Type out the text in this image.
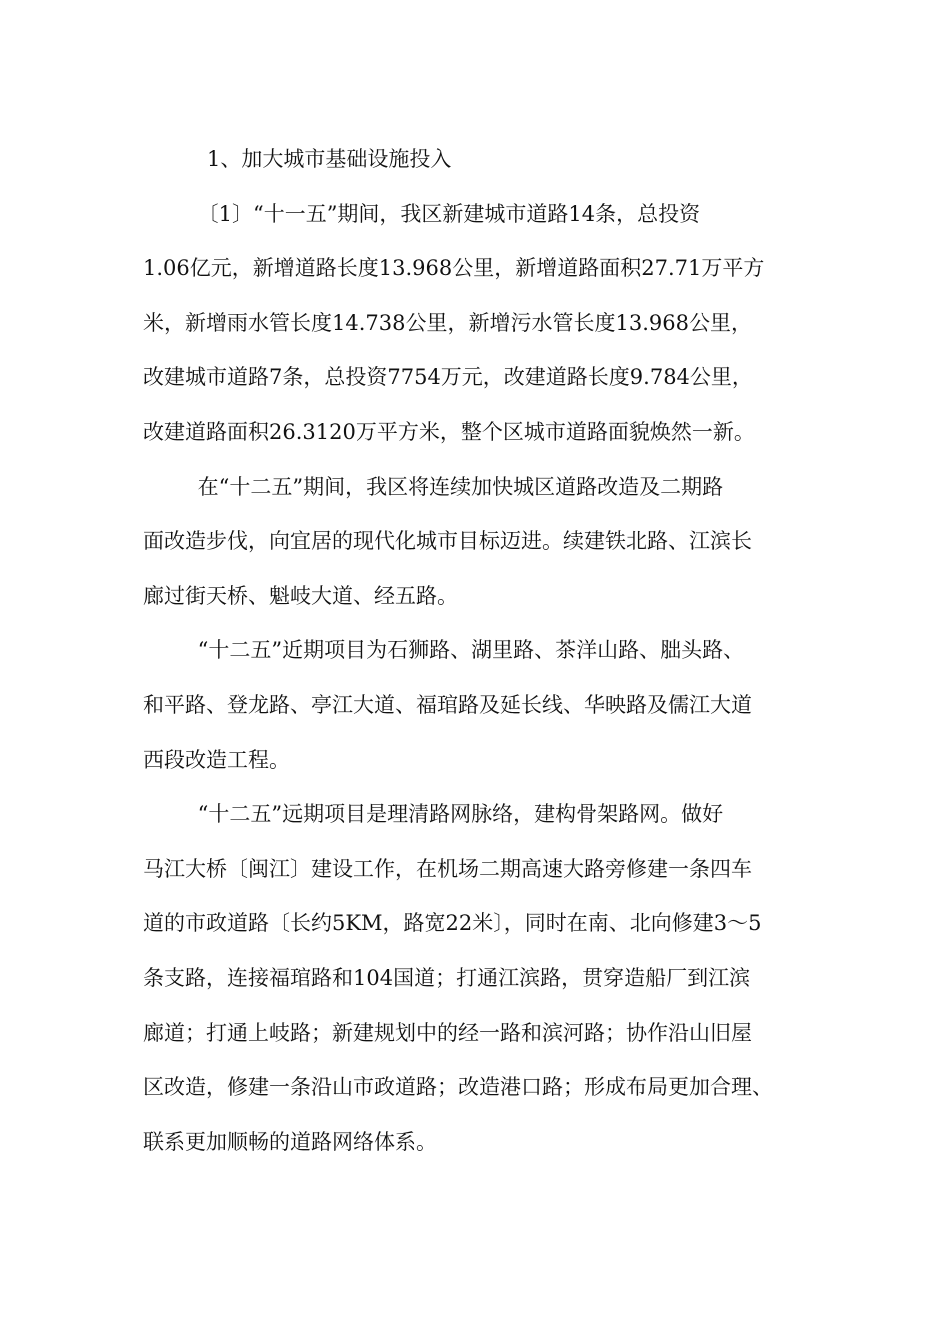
1、加大城市基础设施投入

〔1〕“十一五”期间，我区新建城市道路14条，总投资
1.06亿元，新增道路长度13.968公里，新增道路面积27.71万平方
米，新增雨水管长度14.738公里，新增污水管长度13.968公里，
改建城市道路7条，总投资7754万元，改建道路长度9.784公里，
改建道路面积26.3120万平方米，整个区城市道路面貌焕然一新。

在“十二五”期间，我区将连续加快城区道路改造及二期路
面改造步伐，向宜居的现代化城市目标迈进。续建铁北路、江滨长
廊过街天桥、魁岐大道、经五路。

“十二五”近期项目为石狮路、湖里路、茶洋山路、胐头路、
和平路、登龙路、亭江大道、福琯路及延长线、华映路及儒江大道
西段改造工程。

“十二五”远期项目是理清路网脉络，建构骨架路网。做好
马江大桥〔闽江〕建设工作，在机场二期高速大路旁修建一条四车
道的市政道路〔长约5KM，路宽22米〕，同时在南、北向修建3～5
条支路，连接福琯路和104国道；打通江滨路，贯穿造船厂到江滨
廊道；打通上岐路；新建规划中的经一路和滨河路；协作沿山旧屋
区改造，修建一条沿山市政道路；改造港口路；形成布局更加合理、
联系更加顺畅的道路网络体系。
